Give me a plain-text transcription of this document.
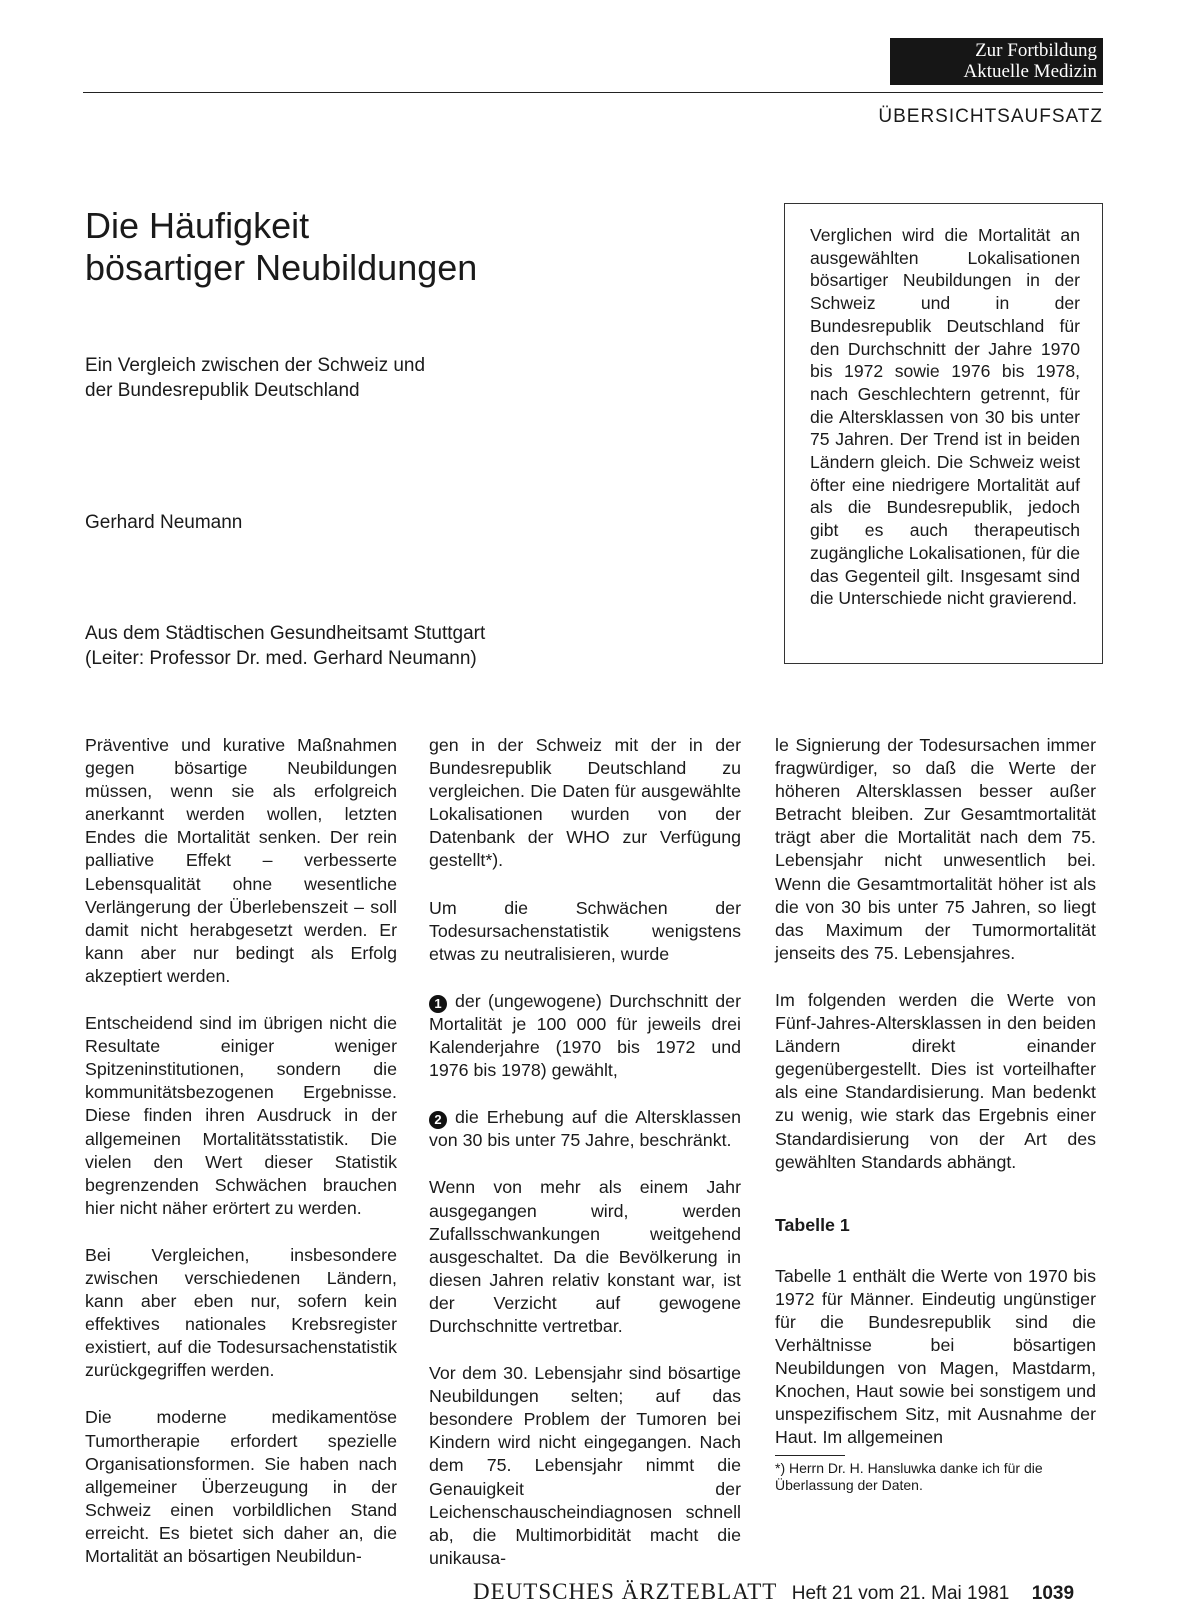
Zur Fortbildung
Aktuelle Medizin
ÜBERSICHTSAUFSATZ
Die Häufigkeit
bösartiger Neubildungen
Ein Vergleich zwischen der Schweiz und
der Bundesrepublik Deutschland
Gerhard Neumann
Aus dem Städtischen Gesundheitsamt Stuttgart
(Leiter: Professor Dr. med. Gerhard Neumann)
Verglichen wird die Mortalität an ausgewählten Lokalisationen bösartiger Neubildungen in der Schweiz und in der Bundesrepublik Deutschland für den Durchschnitt der Jahre 1970 bis 1972 sowie 1976 bis 1978, nach Geschlechtern getrennt, für die Altersklassen von 30 bis unter 75 Jahren. Der Trend ist in beiden Ländern gleich. Die Schweiz weist öfter eine niedrigere Mortalität auf als die Bundesrepublik, jedoch gibt es auch therapeutisch zugängliche Lokalisationen, für die das Gegenteil gilt. Insgesamt sind die Unterschiede nicht gravierend.

Präventive und kurative Maßnahmen gegen bösartige Neubildungen müssen, wenn sie als erfolgreich anerkannt werden wollen, letzten Endes die Mortalität senken. Der rein palliative Effekt – verbesserte Lebensqualität ohne wesentliche Verlängerung der Überlebenszeit – soll damit nicht herabgesetzt werden. Er kann aber nur bedingt als Erfolg akzeptiert werden.

Entscheidend sind im übrigen nicht die Resultate einiger weniger Spitzeninstitutionen, sondern die kommunitätsbezogenen Ergebnisse. Diese finden ihren Ausdruck in der allgemeinen Mortalitätsstatistik. Die vielen den Wert dieser Statistik begrenzenden Schwächen brauchen hier nicht näher erörtert zu werden.

Bei Vergleichen, insbesondere zwischen verschiedenen Ländern, kann aber eben nur, sofern kein effektives nationales Krebsregister existiert, auf die Todesursachenstatistik zurückgegriffen werden.

Die moderne medikamentöse Tumortherapie erfordert spezielle Organisationsformen. Sie haben nach allgemeiner Überzeugung in der Schweiz einen vorbildlichen Stand erreicht. Es bietet sich daher an, die Mortalität an bösartigen Neubildun-

gen in der Schweiz mit der in der Bundesrepublik Deutschland zu vergleichen. Die Daten für ausgewählte Lokalisationen wurden von der Datenbank der WHO zur Verfügung gestellt*).

Um die Schwächen der Todesursachenstatistik wenigstens etwas zu neutralisieren, wurde

1 der (ungewogene) Durchschnitt der Mortalität je 100 000 für jeweils drei Kalenderjahre (1970 bis 1972 und 1976 bis 1978) gewählt,

2 die Erhebung auf die Altersklassen von 30 bis unter 75 Jahre, beschränkt.

Wenn von mehr als einem Jahr ausgegangen wird, werden Zufallsschwankungen weitgehend ausgeschaltet. Da die Bevölkerung in diesen Jahren relativ konstant war, ist der Verzicht auf gewogene Durchschnitte vertretbar.

Vor dem 30. Lebensjahr sind bösartige Neubildungen selten; auf das besondere Problem der Tumoren bei Kindern wird nicht eingegangen. Nach dem 75. Lebensjahr nimmt die Genauigkeit der Leichenschauscheindiagnosen schnell ab, die Multimorbidität macht die unikausa-

le Signierung der Todesursachen immer fragwürdiger, so daß die Werte der höheren Altersklassen besser außer Betracht bleiben. Zur Gesamtmortalität trägt aber die Mortalität nach dem 75. Lebensjahr nicht unwesentlich bei. Wenn die Gesamtmortalität höher ist als die von 30 bis unter 75 Jahren, so liegt das Maximum der Tumormortalität jenseits des 75. Lebensjahres.

Im folgenden werden die Werte von Fünf-Jahres-Altersklassen in den beiden Ländern direkt einander gegenübergestellt. Dies ist vorteilhafter als eine Standardisierung. Man bedenkt zu wenig, wie stark das Ergebnis einer Standardisierung von der Art des gewählten Standards abhängt.

Tabelle 1

Tabelle 1 enthält die Werte von 1970 bis 1972 für Männer. Eindeutig ungünstiger für die Bundesrepublik sind die Verhältnisse bei bösartigen Neubildungen von Magen, Mastdarm, Knochen, Haut sowie bei sonstigem und unspezifischem Sitz, mit Ausnahme der Haut. Im allgemeinen

*) Herrn Dr. H. Hansluwka danke ich für die Überlassung der Daten.
DEUTSCHES ÄRZTEBLATT Heft 21 vom 21. Mai 1981 1039
